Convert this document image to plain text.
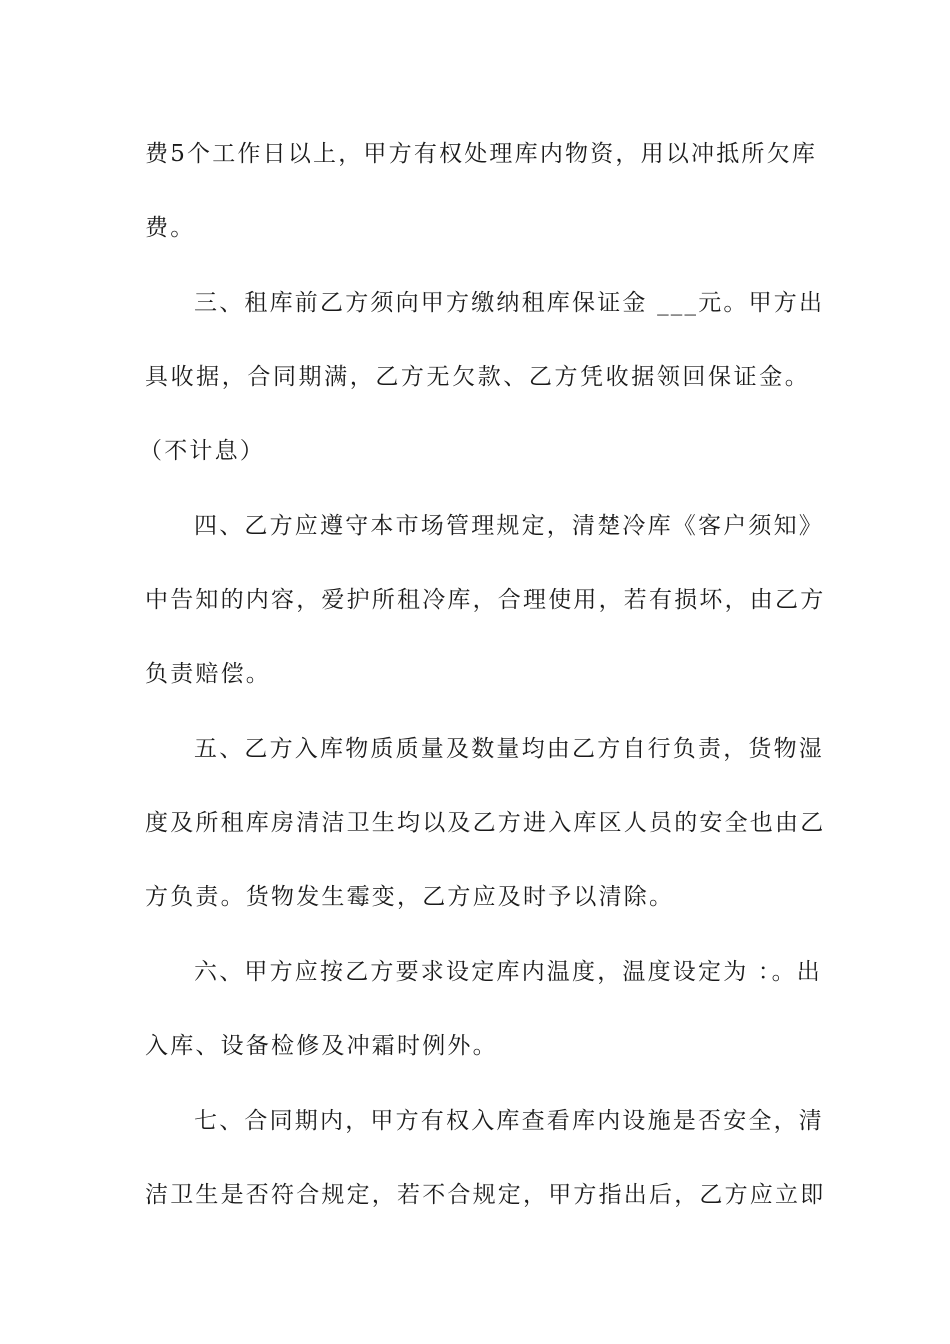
费5个工作日以上，甲方有权处理库内物资，用以冲抵所欠库
费。
三、租库前乙方须向甲方缴纳租库保证金 ___元。甲方出
具收据，合同期满，乙方无欠款、乙方凭收据领回保证金。
（不计息）
四、乙方应遵守本市场管理规定，清楚冷库《客户须知》
中告知的内容，爱护所租冷库，合理使用，若有损坏，由乙方
负责赔偿。
五、乙方入库物质质量及数量均由乙方自行负责，货物湿
度及所租库房清洁卫生均以及乙方进入库区人员的安全也由乙
方负责。货物发生霉变，乙方应及时予以清除。
六、甲方应按乙方要求设定库内温度，温度设定为 ：。出
入库、设备检修及冲霜时例外。
七、合同期内，甲方有权入库查看库内设施是否安全，清
洁卫生是否符合规定，若不合规定，甲方指出后，乙方应立即
